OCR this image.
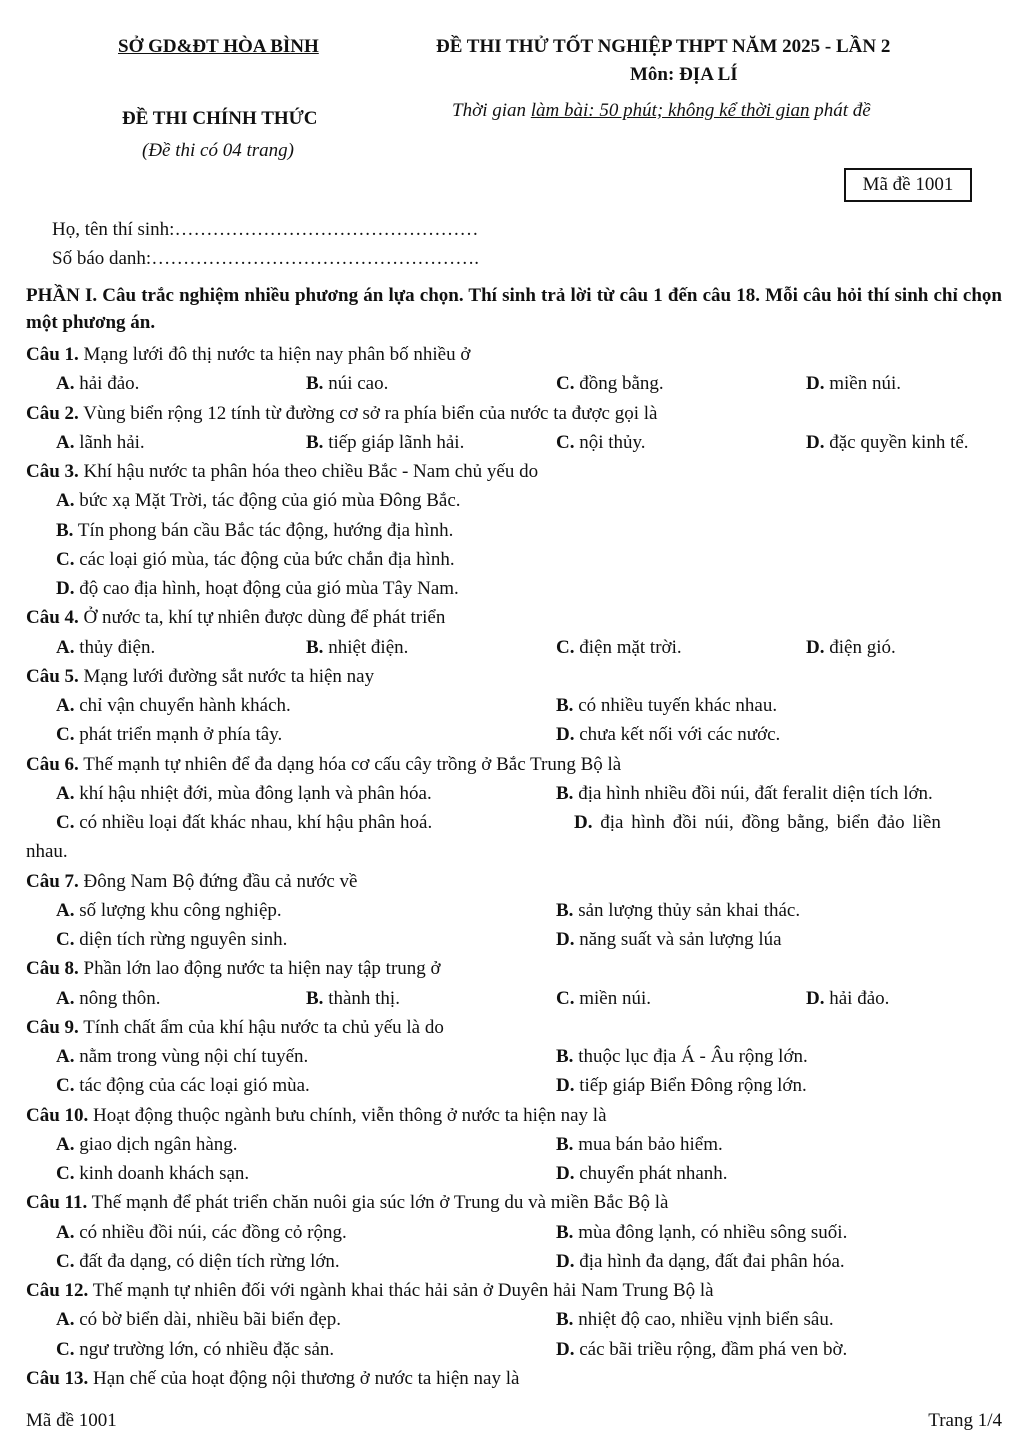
SỞ GD&ĐT HÒA BÌNH	ĐỀ THI THỬ TỐT NGHIỆP THPT NĂM 2025 - LẦN 2
Môn: ĐỊA LÍ
ĐỀ THI CHÍNH THỨC
(Đề thi có 04 trang)
Thời gian làm bài: 50 phút; không kể thời gian phát đề
Mã đề 1001
Họ, tên thí sinh:…………………………………………
Số báo danh:…………………………………………….
PHẦN I. Câu trắc nghiệm nhiều phương án lựa chọn. Thí sinh trả lời từ câu 1 đến câu 18. Mỗi câu hỏi thí sinh chỉ chọn một phương án.
Câu 1. Mạng lưới đô thị nước ta hiện nay phân bố nhiều ở
A. hải đảo.	B. núi cao.	C. đồng bằng.	D. miền núi.
Câu 2. Vùng biển rộng 12 tính từ đường cơ sở ra phía biển của nước ta được gọi là
A. lãnh hải.	B. tiếp giáp lãnh hải.	C. nội thủy.	D. đặc quyền kinh tế.
Câu 3. Khí hậu nước ta phân hóa theo chiều Bắc - Nam chủ yếu do
A. bức xạ Mặt Trời, tác động của gió mùa Đông Bắc.
B. Tín phong bán cầu Bắc tác động, hướng địa hình.
C. các loại gió mùa, tác động của bức chắn địa hình.
D. độ cao địa hình, hoạt động của gió mùa Tây Nam.
Câu 4. Ở nước ta, khí tự nhiên được dùng để phát triển
A. thủy điện.	B. nhiệt điện.	C. điện mặt trời.	D. điện gió.
Câu 5. Mạng lưới đường sắt nước ta hiện nay
A. chỉ vận chuyển hành khách.	B. có nhiều tuyến khác nhau.
C. phát triển mạnh ở phía tây.	D. chưa kết nối với các nước.
Câu 6. Thế mạnh tự nhiên để đa dạng hóa cơ cấu cây trồng ở Bắc Trung Bộ là
A. khí hậu nhiệt đới, mùa đông lạnh và phân hóa.	B. địa hình nhiều đồi núi, đất feralit diện tích lớn.
C. có nhiều loại đất khác nhau, khí hậu phân hoá.	D. địa hình đồi núi, đồng bằng, biển đảo liền
nhau.
Câu 7. Đông Nam Bộ đứng đầu cả nước về
A. số lượng khu công nghiệp.	B. sản lượng thủy sản khai thác.
C. diện tích rừng nguyên sinh.	D. năng suất và sản lượng lúa
Câu 8. Phần lớn lao động nước ta hiện nay tập trung ở
A. nông thôn.	B. thành thị.	C. miền núi.	D. hải đảo.
Câu 9. Tính chất ẩm của khí hậu nước ta chủ yếu là do
A. nằm trong vùng nội chí tuyến.	B. thuộc lục địa Á - Âu rộng lớn.
C. tác động của các loại gió mùa.	D. tiếp giáp Biển Đông rộng lớn.
Câu 10. Hoạt động thuộc ngành bưu chính, viễn thông ở nước ta hiện nay là
A. giao dịch ngân hàng.	B. mua bán bảo hiểm.
C. kinh doanh khách sạn.	D. chuyển phát nhanh.
Câu 11. Thế mạnh để phát triển chăn nuôi gia súc lớn ở Trung du và miền Bắc Bộ là
A. có nhiều đồi núi, các đồng cỏ rộng.	B. mùa đông lạnh, có nhiều sông suối.
C. đất đa dạng, có diện tích rừng lớn.	D. địa hình đa dạng, đất đai phân hóa.
Câu 12. Thế mạnh tự nhiên đối với ngành khai thác hải sản ở Duyên hải Nam Trung Bộ là
A. có bờ biển dài, nhiều bãi biển đẹp.	B. nhiệt độ cao, nhiều vịnh biển sâu.
C. ngư trường lớn, có nhiều đặc sản.	D. các bãi triều rộng, đầm phá ven bờ.
Câu 13. Hạn chế của hoạt động nội thương ở nước ta hiện nay là
Mã đề 1001	Trang 1/4
